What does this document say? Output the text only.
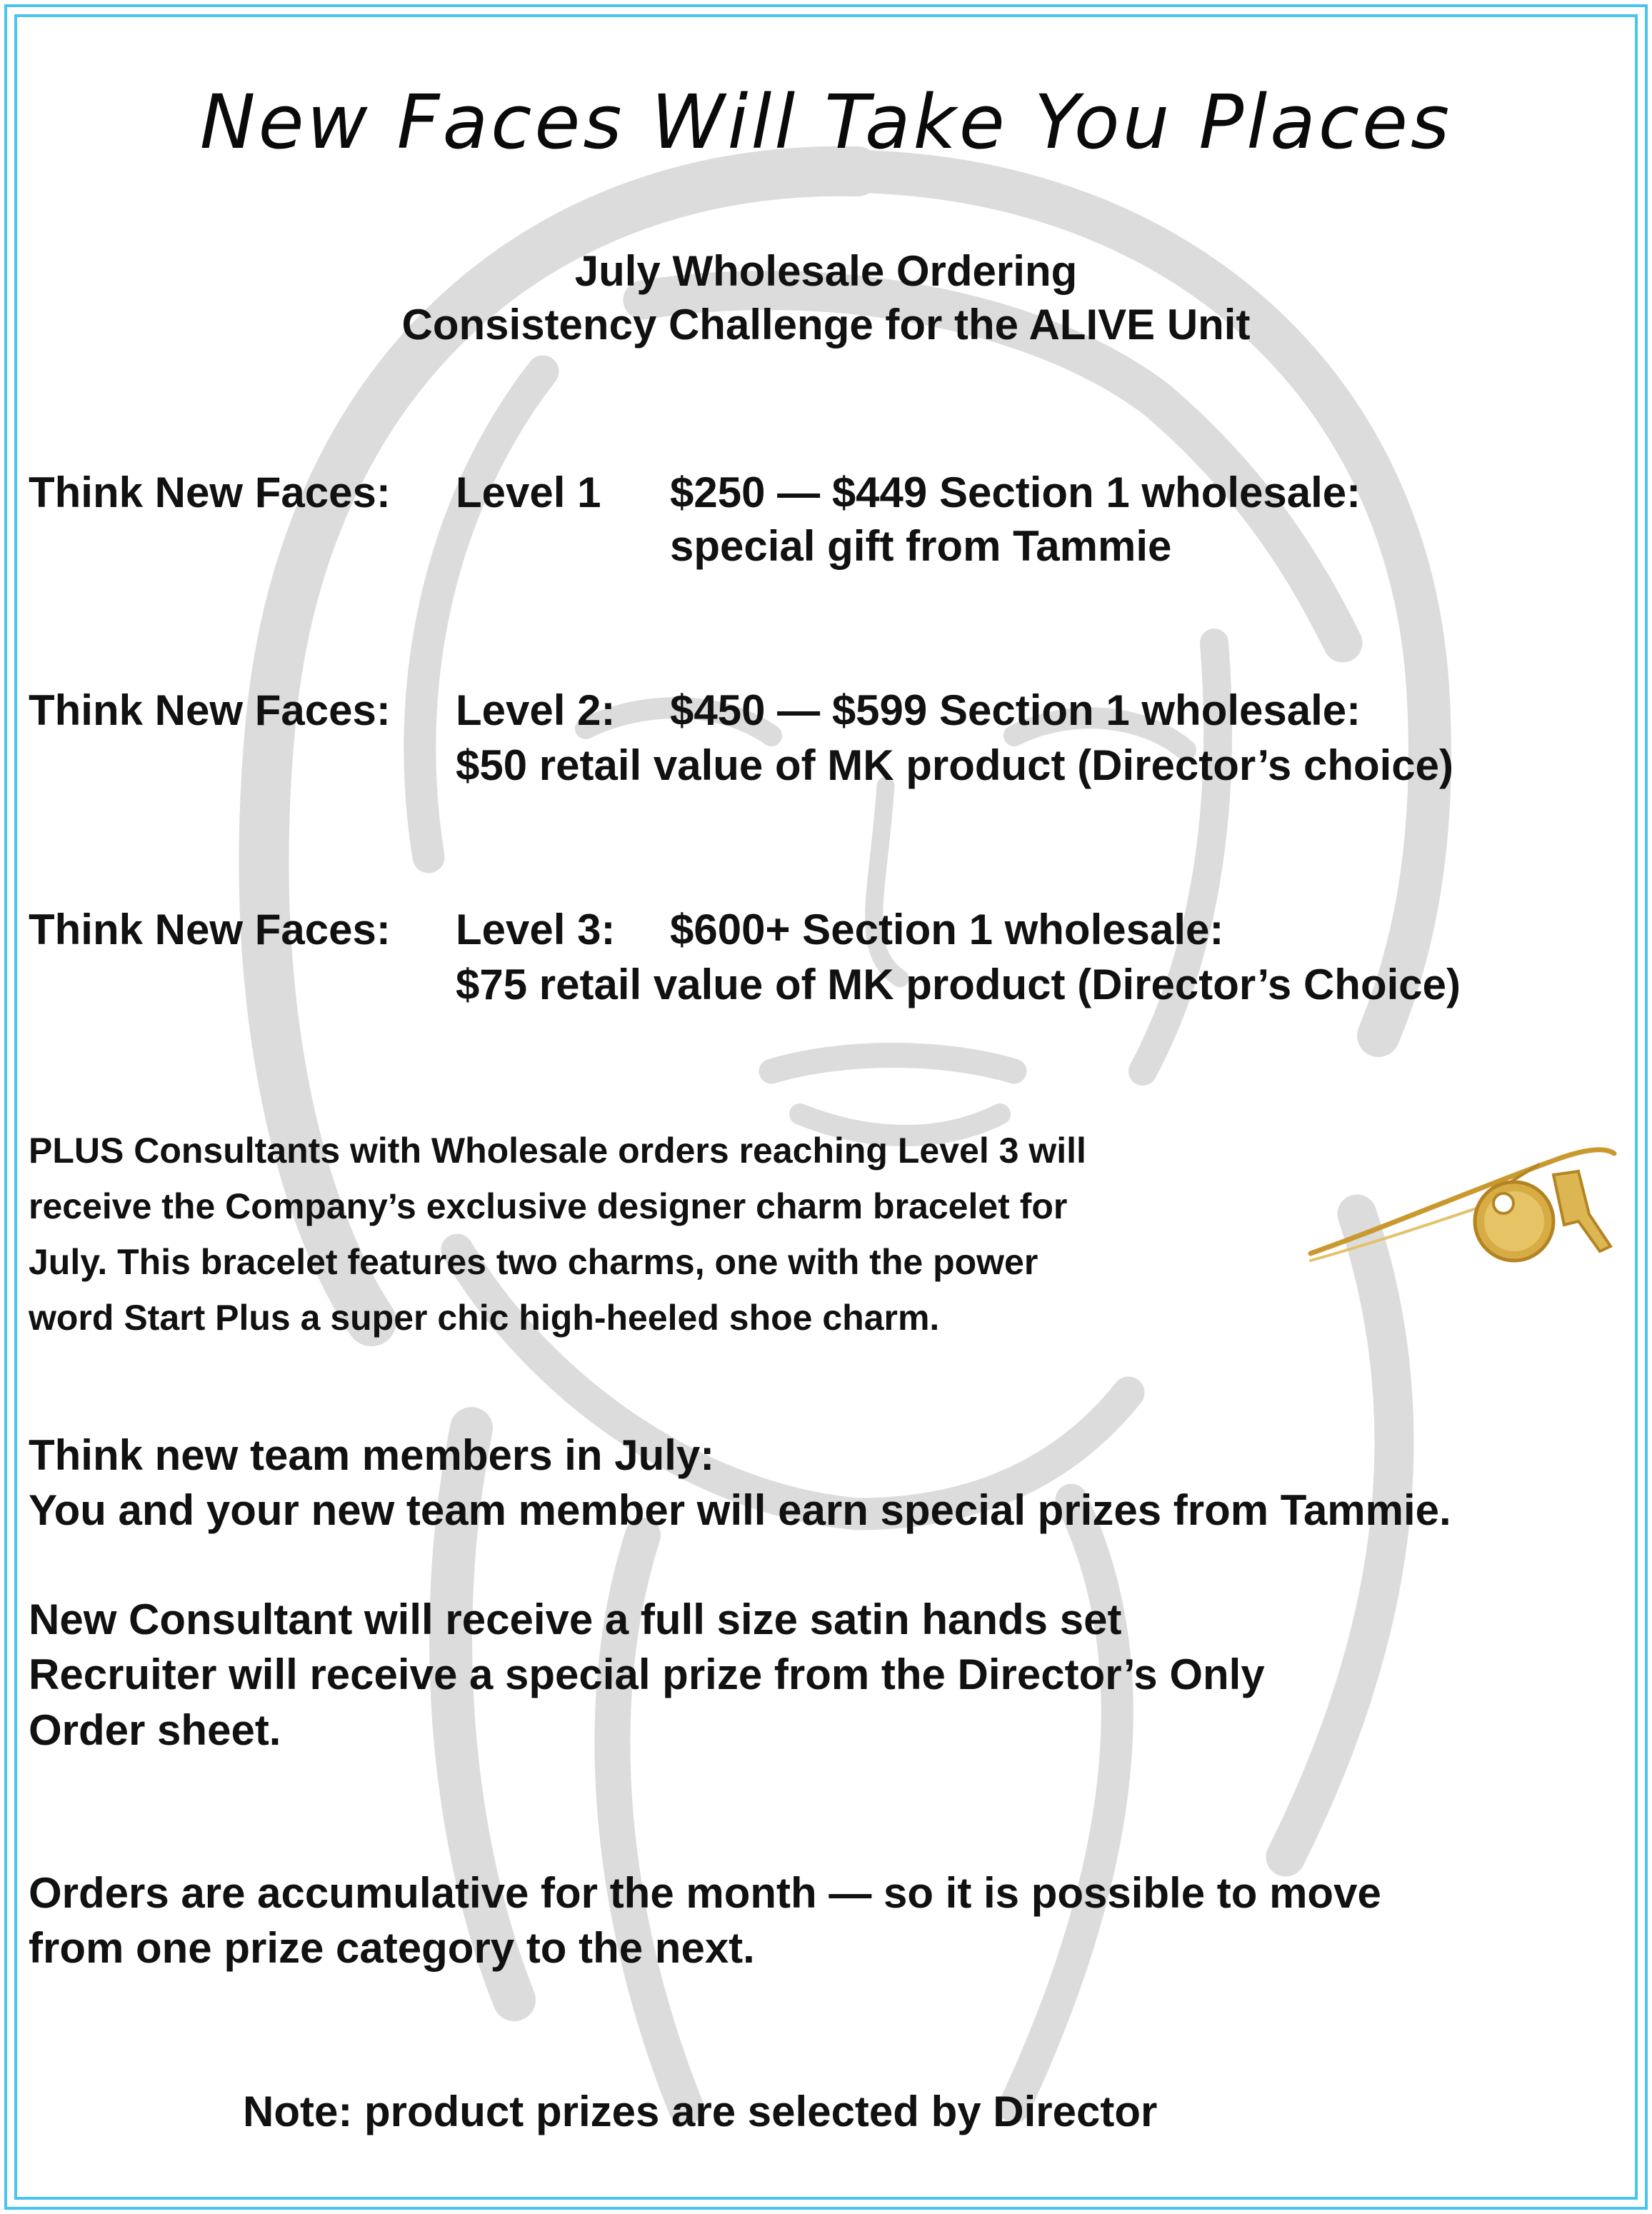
New Faces Will Take You Places
July Wholesale Ordering
Consistency Challenge for the ALIVE Unit
Think New Faces: Level 1 $250 — $449 Section 1 wholesale:
special gift from Tammie
Think New Faces: Level 2: $450 — $599 Section 1 wholesale:
$50 retail value of MK product (Director’s choice)
Think New Faces: Level 3: $600+ Section 1 wholesale:
$75 retail value of MK product (Director’s Choice)
PLUS Consultants with Wholesale orders reaching Level 3 will
receive the Company’s exclusive designer charm bracelet for
July. This bracelet features two charms, one with the power
word Start Plus a super chic high-heeled shoe charm.
Think new team members in July:
You and your new team member will earn special prizes from Tammie.
New Consultant will receive a full size satin hands set
Recruiter will receive a special prize from the Director’s Only
Order sheet.
Orders are accumulative for the month — so it is possible to move
from one prize category to the next.
Note: product prizes are selected by Director
